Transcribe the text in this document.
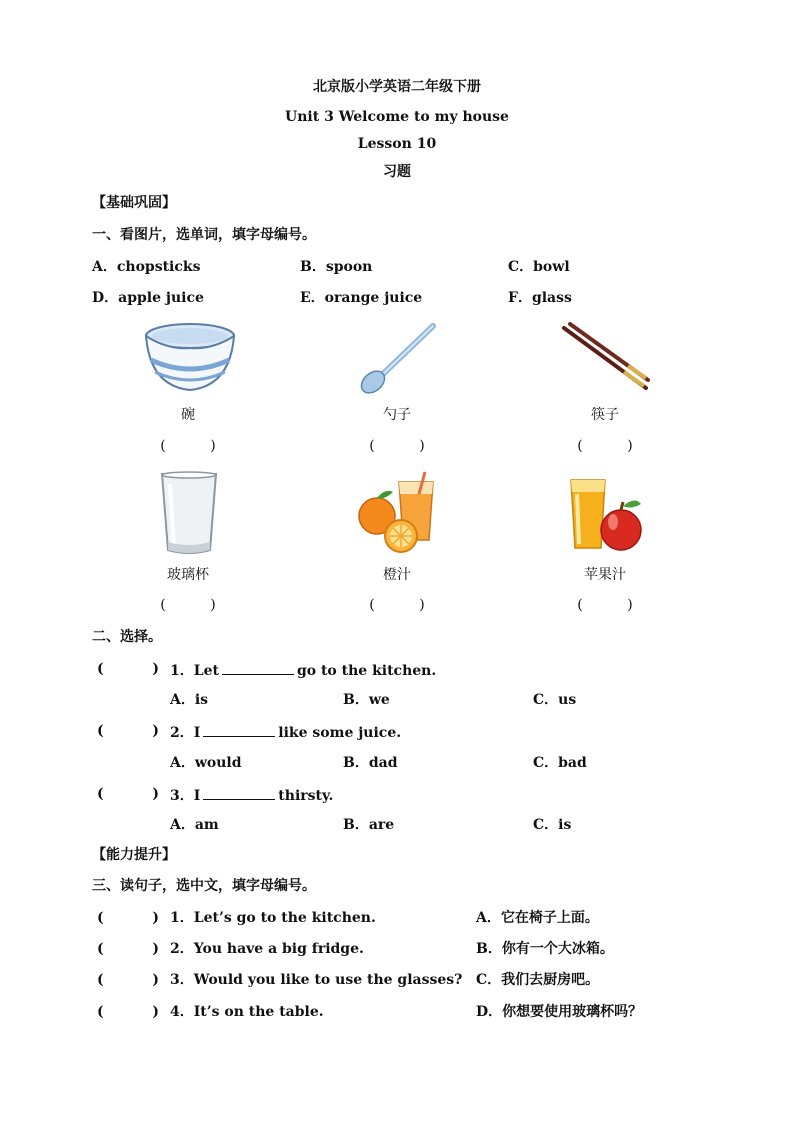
北京版小学英语二年级下册
Unit 3 Welcome to my house
Lesson 10
习题
【基础巩固】
一、看图片，选单词，填字母编号。
A．chopsticks	B．spoon	C．bowl
D．apple juice	E．orange juice	F．glass
碗	勺子	筷子
(          )	(          )	(          )
玻璃杯	橙汁	苹果汁
(          )	(          )	(          )
二、选择。
(          ) 1．Let	go to the kitchen.
A．is	B．we	C．us
(          ) 2．I	like some juice.
A．would	B．dad	C．bad
(          ) 3．I	thirsty.
A．am	B．are	C．is
【能力提升】
三、读句子，选中文，填字母编号。
(          ) 1．Let’s go to the kitchen.	A．它在椅子上面。
(          ) 2．You have a big fridge.	B．你有一个大冰箱。
(          ) 3．Would you like to use the glasses? C．我们去厨房吧。
(          ) 4．It’s on the table.	D．你想要使用玻璃杯吗？
